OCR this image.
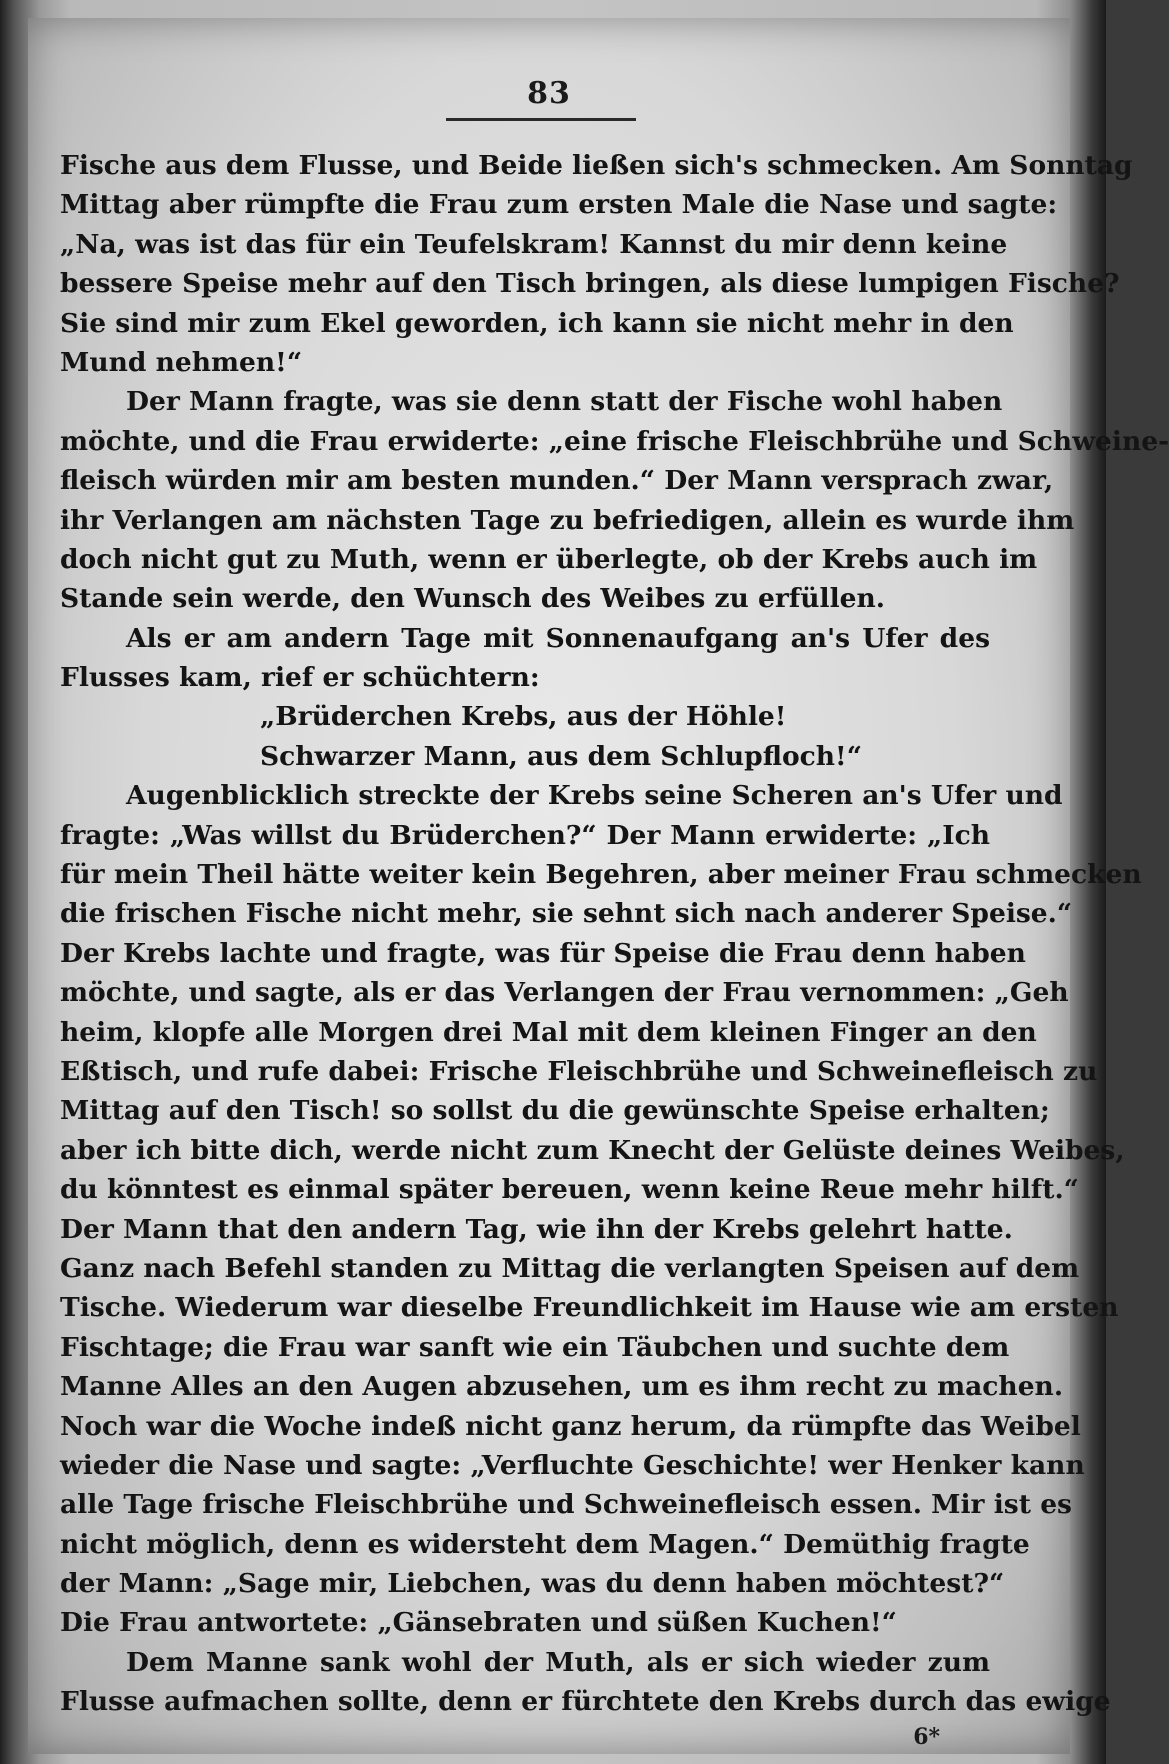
83
Fische aus dem Flusse, und Beide ließen sich's schmecken. Am Sonntag
Mittag aber rümpfte die Frau zum ersten Male die Nase und sagte:
„Na, was ist das für ein Teufelskram! Kannst du mir denn keine
bessere Speise mehr auf den Tisch bringen, als diese lumpigen Fische?
Sie sind mir zum Ekel geworden, ich kann sie nicht mehr in den
Mund nehmen!“
Der Mann fragte, was sie denn statt der Fische wohl haben
möchte, und die Frau erwiderte: „eine frische Fleischbrühe und Schweine-
fleisch würden mir am besten munden.“ Der Mann versprach zwar,
ihr Verlangen am nächsten Tage zu befriedigen, allein es wurde ihm
doch nicht gut zu Muth, wenn er überlegte, ob der Krebs auch im
Stande sein werde, den Wunsch des Weibes zu erfüllen.
Als er am andern Tage mit Sonnenaufgang an's Ufer des
Flusses kam, rief er schüchtern:
„Brüderchen Krebs, aus der Höhle!
Schwarzer Mann, aus dem Schlupfloch!“
Augenblicklich streckte der Krebs seine Scheren an's Ufer und
fragte: „Was willst du Brüderchen?“ Der Mann erwiderte: „Ich
für mein Theil hätte weiter kein Begehren, aber meiner Frau schmecken
die frischen Fische nicht mehr, sie sehnt sich nach anderer Speise.“
Der Krebs lachte und fragte, was für Speise die Frau denn haben
möchte, und sagte, als er das Verlangen der Frau vernommen: „Geh
heim, klopfe alle Morgen drei Mal mit dem kleinen Finger an den
Eßtisch, und rufe dabei: Frische Fleischbrühe und Schweinefleisch zu
Mittag auf den Tisch! so sollst du die gewünschte Speise erhalten;
aber ich bitte dich, werde nicht zum Knecht der Gelüste deines Weibes,
du könntest es einmal später bereuen, wenn keine Reue mehr hilft.“
Der Mann that den andern Tag, wie ihn der Krebs gelehrt hatte.
Ganz nach Befehl standen zu Mittag die verlangten Speisen auf dem
Tische. Wiederum war dieselbe Freundlichkeit im Hause wie am ersten
Fischtage; die Frau war sanft wie ein Täubchen und suchte dem
Manne Alles an den Augen abzusehen, um es ihm recht zu machen.
Noch war die Woche indeß nicht ganz herum, da rümpfte das Weibel
wieder die Nase und sagte: „Verfluchte Geschichte! wer Henker kann
alle Tage frische Fleischbrühe und Schweinefleisch essen. Mir ist es
nicht möglich, denn es widersteht dem Magen.“ Demüthig fragte
der Mann: „Sage mir, Liebchen, was du denn haben möchtest?“
Die Frau antwortete: „Gänsebraten und süßen Kuchen!“
Dem Manne sank wohl der Muth, als er sich wieder zum
Flusse aufmachen sollte, denn er fürchtete den Krebs durch das ewige
6*
